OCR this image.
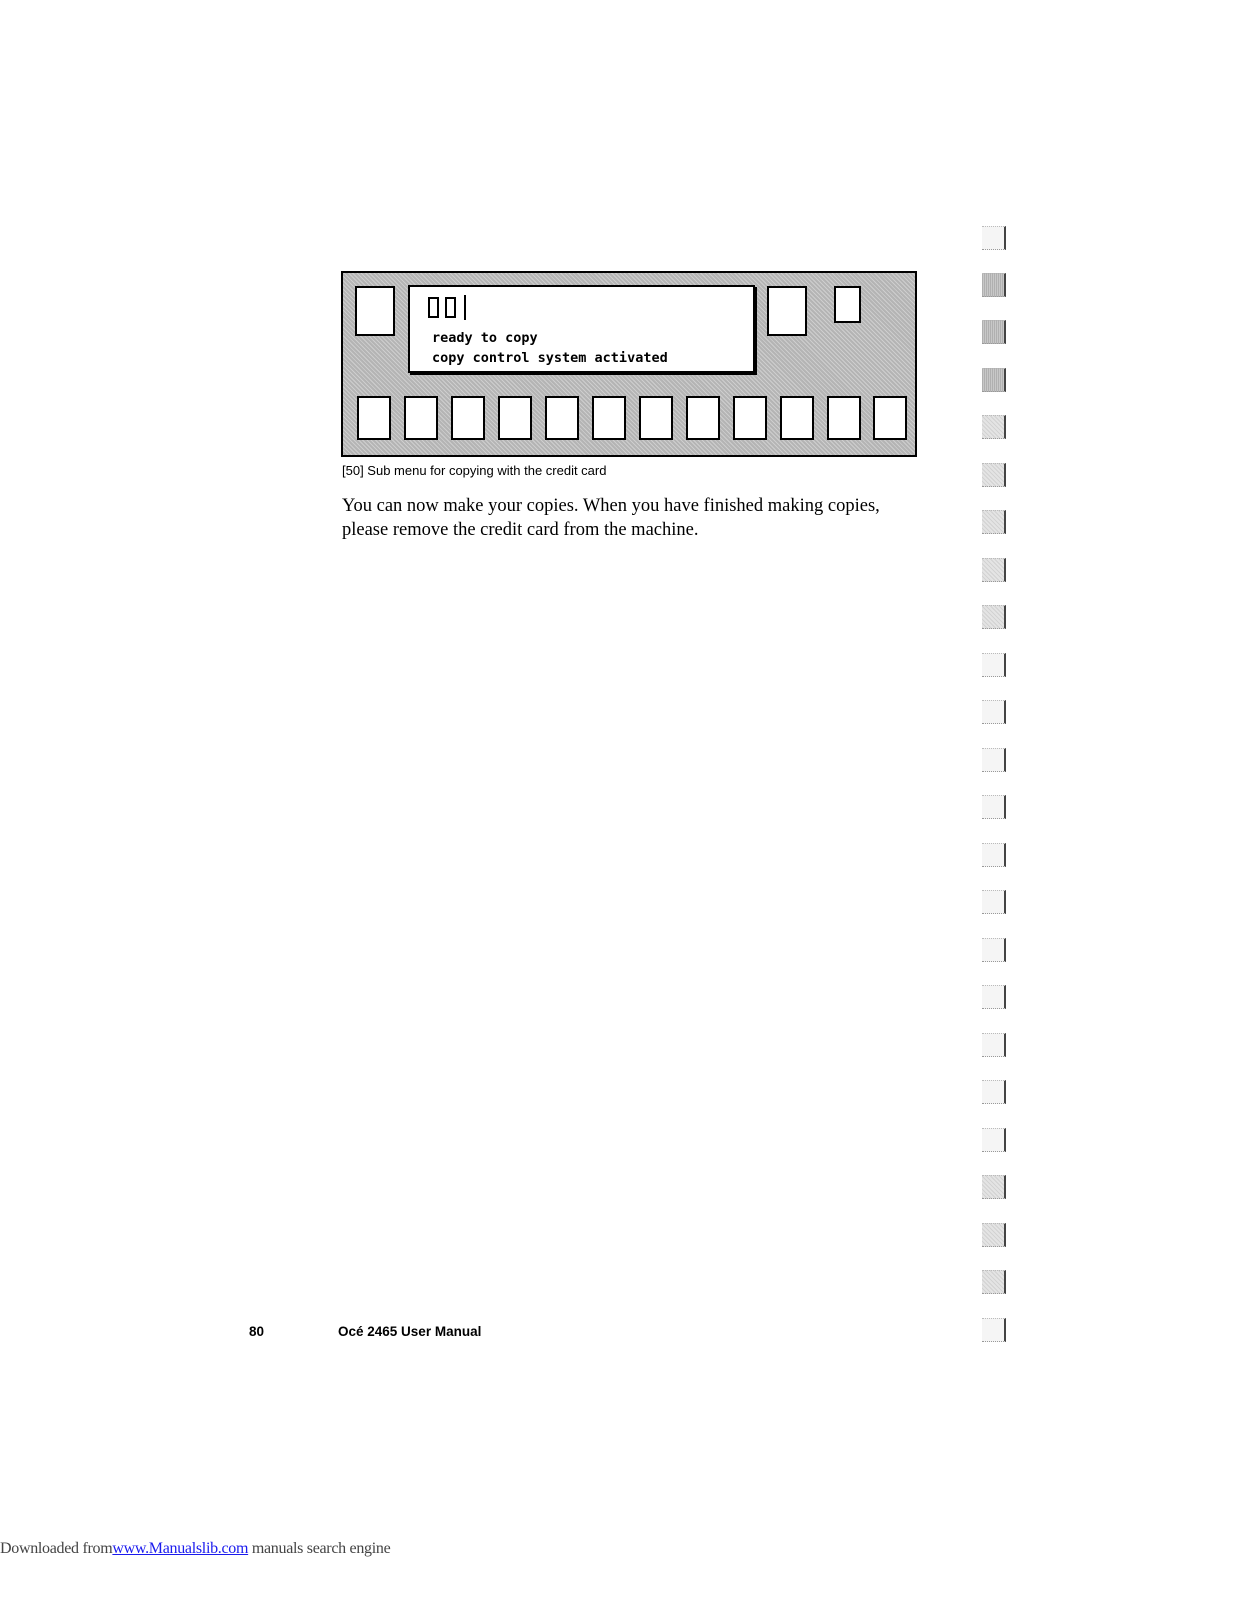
ready to copy
copy control system activated
[50] Sub menu for copying with the credit card

You can now make your copies. When you have finished making copies, please remove the credit card from the machine.

80	Océ 2465 User Manual
Downloaded fromwww.Manualslib.com manuals search engine
